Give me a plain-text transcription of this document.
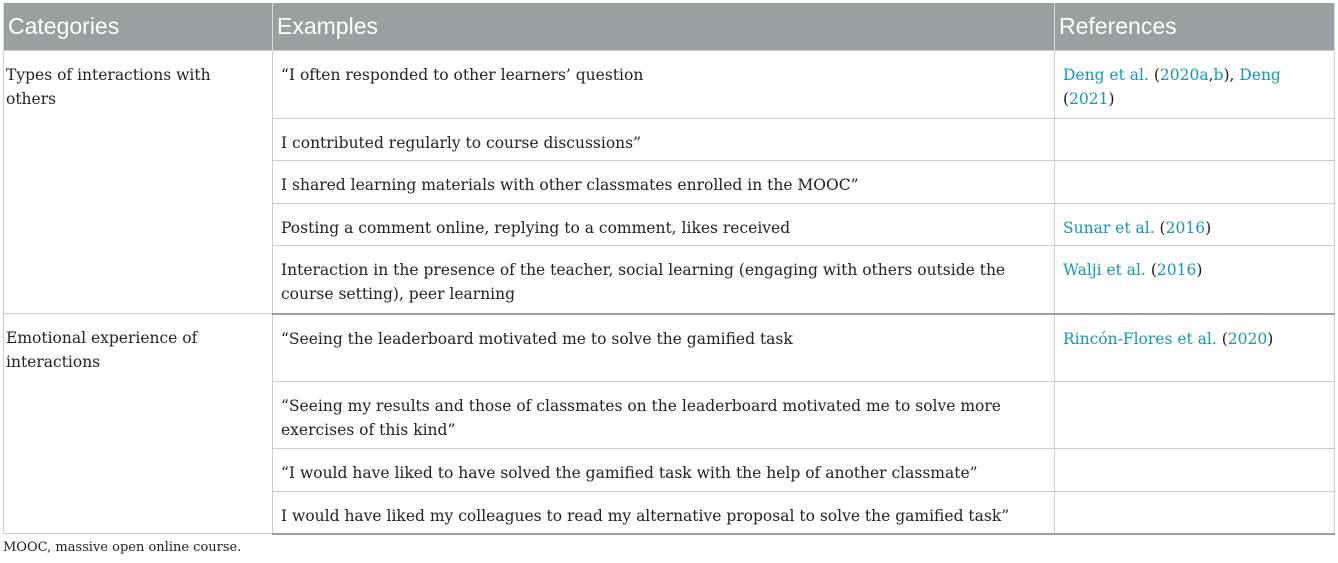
Categories	Examples	References
Types of interactions with others	“I often responded to other learners’ question	Deng et al. (2020a,b), Deng (2021)
	I contributed regularly to course discussions”	
	I shared learning materials with other classmates enrolled in the MOOC”	
	Posting a comment online, replying to a comment, likes received	Sunar et al. (2016)
	Interaction in the presence of the teacher, social learning (engaging with others outside the course setting), peer learning	Walji et al. (2016)
Emotional experience of interactions	“Seeing the leaderboard motivated me to solve the gamified task	Rincón-Flores et al. (2020)
	“Seeing my results and those of classmates on the leaderboard motivated me to solve more exercises of this kind”	
	“I would have liked to have solved the gamified task with the help of another classmate”	
	I would have liked my colleagues to read my alternative proposal to solve the gamified task”	
MOOC, massive open online course.
